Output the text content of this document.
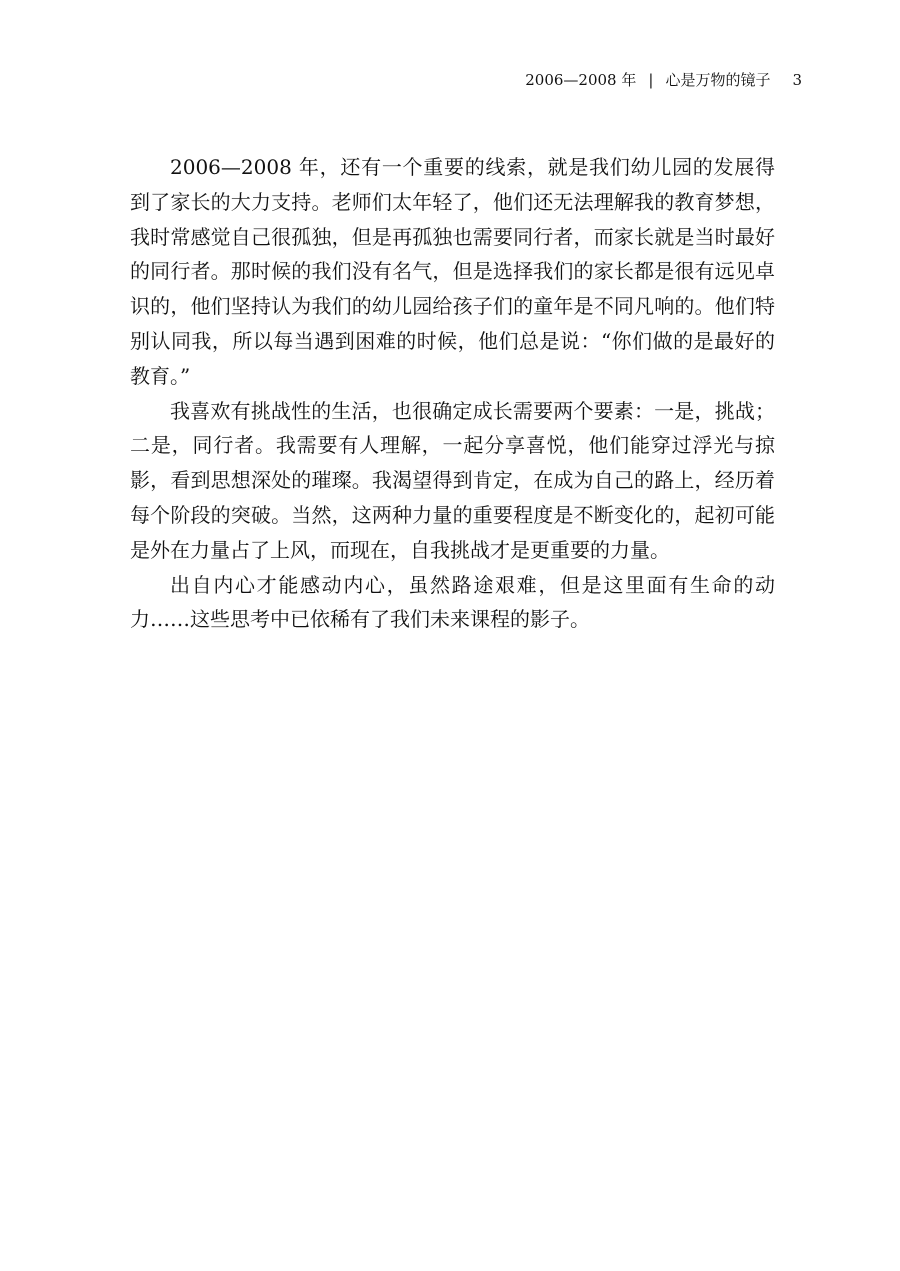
2006—2008 年 | 心是万物的镜子 3

2006—2008 年，还有一个重要的线索，就是我们幼儿园的发展得到了家长的大力支持。老师们太年轻了，他们还无法理解我的教育梦想，我时常感觉自己很孤独，但是再孤独也需要同行者，而家长就是当时最好的同行者。那时候的我们没有名气，但是选择我们的家长都是很有远见卓识的，他们坚持认为我们的幼儿园给孩子们的童年是不同凡响的。他们特别认同我，所以每当遇到困难的时候，他们总是说：“你们做的是最好的教育。”

我喜欢有挑战性的生活，也很确定成长需要两个要素：一是，挑战；二是，同行者。我需要有人理解，一起分享喜悦，他们能穿过浮光与掠影，看到思想深处的璀璨。我渴望得到肯定，在成为自己的路上，经历着每个阶段的突破。当然，这两种力量的重要程度是不断变化的，起初可能是外在力量占了上风，而现在，自我挑战才是更重要的力量。

出自内心才能感动内心，虽然路途艰难，但是这里面有生命的动力……这些思考中已依稀有了我们未来课程的影子。
